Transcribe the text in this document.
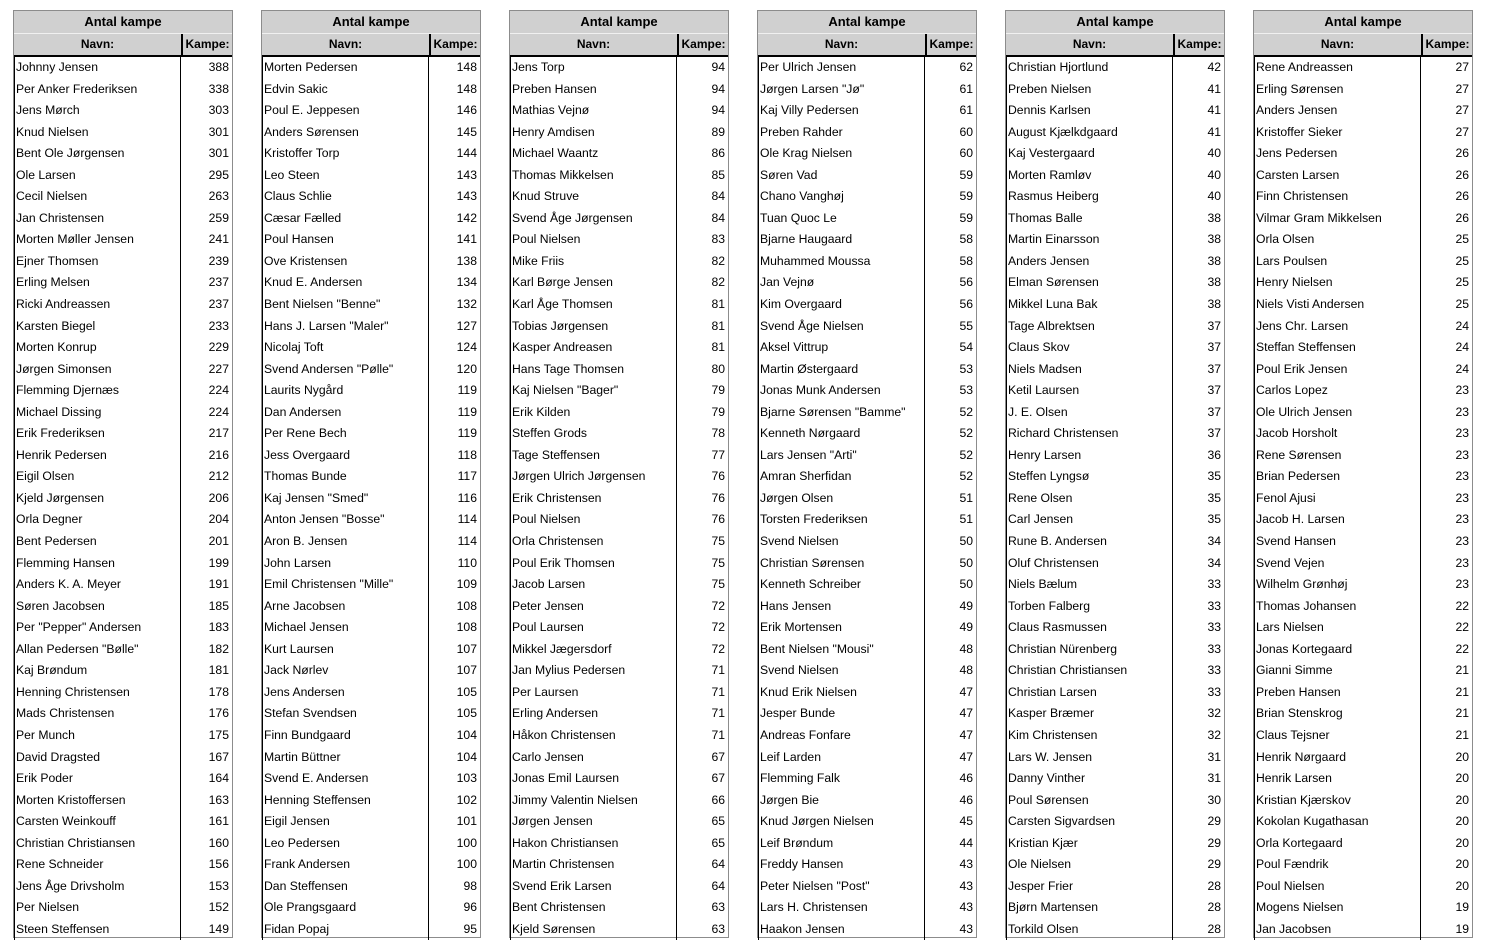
Antal kampe
Navn:	Kampe:
Johnny Jensen	388
Per Anker Frederiksen	338
Jens Mørch	303
Knud Nielsen	301
Bent Ole Jørgensen	301
Ole Larsen	295
Cecil Nielsen	263
Jan Christensen	259
Morten Møller Jensen	241
Ejner Thomsen	239
Erling Melsen	237
Ricki Andreassen	237
Karsten Biegel	233
Morten Konrup	229
Jørgen Simonsen	227
Flemming Djernæs	224
Michael Dissing	224
Erik Frederiksen	217
Henrik Pedersen	216
Eigil Olsen	212
Kjeld Jørgensen	206
Orla Degner	204
Bent Pedersen	201
Flemming Hansen	199
Anders K. A. Meyer	191
Søren Jacobsen	185
Per "Pepper" Andersen	183
Allan Pedersen "Bølle"	182
Kaj Brøndum	181
Henning Christensen	178
Mads Christensen	176
Per Munch	175
David Dragsted	167
Erik Poder	164
Morten Kristoffersen	163
Carsten Weinkouff	161
Christian Christiansen	160
Rene Schneider	156
Jens Åge Drivsholm	153
Per Nielsen	152
Steen Steffensen	149
Antal kampe
Navn:	Kampe:
Morten Pedersen	148
Edvin Sakic	148
Poul E. Jeppesen	146
Anders Sørensen	145
Kristoffer Torp	144
Leo Steen	143
Claus Schlie	143
Cæsar Fælled	142
Poul Hansen	141
Ove Kristensen	138
Knud E. Andersen	134
Bent Nielsen "Benne"	132
Hans J. Larsen "Maler"	127
Nicolaj Toft	124
Svend Andersen "Pølle"	120
Laurits Nygård	119
Dan Andersen	119
Per Rene Bech	119
Jess Overgaard	118
Thomas Bunde	117
Kaj Jensen "Smed"	116
Anton Jensen "Bosse"	114
Aron B. Jensen	114
John Larsen	110
Emil Christensen "Mille"	109
Arne Jacobsen	108
Michael Jensen	108
Kurt Laursen	107
Jack Nørlev	107
Jens Andersen	105
Stefan Svendsen	105
Finn Bundgaard	104
Martin Büttner	104
Svend E. Andersen	103
Henning Steffensen	102
Eigil Jensen	101
Leo Pedersen	100
Frank Andersen	100
Dan Steffensen	98
Ole Prangsgaard	96
Fidan Popaj	95
Antal kampe
Navn:	Kampe:
Jens Torp	94
Preben Hansen	94
Mathias Vejnø	94
Henry Amdisen	89
Michael Waantz	86
Thomas Mikkelsen	85
Knud Struve	84
Svend Åge Jørgensen	84
Poul Nielsen	83
Mike Friis	82
Karl Børge Jensen	82
Karl Åge Thomsen	81
Tobias Jørgensen	81
Kasper Andreasen	81
Hans Tage Thomsen	80
Kaj Nielsen "Bager"	79
Erik Kilden	79
Steffen Grods	78
Tage Steffensen	77
Jørgen Ulrich Jørgensen	76
Erik Christensen	76
Poul Nielsen	76
Orla Christensen	75
Poul Erik Thomsen	75
Jacob Larsen	75
Peter Jensen	72
Poul Laursen	72
Mikkel Jægersdorf	72
Jan Mylius Pedersen	71
Per Laursen	71
Erling Andersen	71
Håkon Christensen	71
Carlo Jensen	67
Jonas Emil Laursen	67
Jimmy Valentin Nielsen	66
Jørgen Jensen	65
Hakon Christiansen	65
Martin Christensen	64
Svend Erik Larsen	64
Bent Christensen	63
Kjeld Sørensen	63
Antal kampe
Navn:	Kampe:
Per Ulrich Jensen	62
Jørgen Larsen "Jø"	61
Kaj Villy Pedersen	61
Preben Rahder	60
Ole Krag Nielsen	60
Søren Vad	59
Chano Vanghøj	59
Tuan Quoc Le	59
Bjarne Haugaard	58
Muhammed Moussa	58
Jan Vejnø	56
Kim Overgaard	56
Svend Åge Nielsen	55
Aksel Vittrup	54
Martin Østergaard	53
Jonas Munk Andersen	53
Bjarne Sørensen "Bamme"	52
Kenneth Nørgaard	52
Lars Jensen "Arti"	52
Amran Sherfidan	52
Jørgen Olsen	51
Torsten Frederiksen	51
Svend Nielsen	50
Christian Sørensen	50
Kenneth Schreiber	50
Hans Jensen	49
Erik Mortensen	49
Bent Nielsen "Mousi"	48
Svend Nielsen	48
Knud Erik Nielsen	47
Jesper Bunde	47
Andreas Fonfare	47
Leif Larden	47
Flemming Falk	46
Jørgen Bie	46
Knud Jørgen Nielsen	45
Leif Brøndum	44
Freddy Hansen	43
Peter Nielsen "Post"	43
Lars H. Christensen	43
Haakon Jensen	43
Antal kampe
Navn:	Kampe:
Christian Hjortlund	42
Preben Nielsen	41
Dennis Karlsen	41
August Kjælkdgaard	41
Kaj Vestergaard	40
Morten Ramløv	40
Rasmus Heiberg	40
Thomas Balle	38
Martin Einarsson	38
Anders Jensen	38
Elman Sørensen	38
Mikkel Luna Bak	38
Tage Albrektsen	37
Claus Skov	37
Niels Madsen	37
Ketil Laursen	37
J. E. Olsen	37
Richard Christensen	37
Henry Larsen	36
Steffen Lyngsø	35
Rene Olsen	35
Carl Jensen	35
Rune B. Andersen	34
Oluf Christensen	34
Niels Bælum	33
Torben Falberg	33
Claus Rasmussen	33
Christian Nürenberg	33
Christian Christiansen	33
Christian Larsen	33
Kasper Bræmer	32
Kim Christensen	32
Lars W. Jensen	31
Danny Vinther	31
Poul Sørensen	30
Carsten Sigvardsen	29
Kristian Kjær	29
Ole Nielsen	29
Jesper Frier	28
Bjørn Martensen	28
Torkild Olsen	28
Antal kampe
Navn:	Kampe:
Rene Andreassen	27
Erling Sørensen	27
Anders Jensen	27
Kristoffer Sieker	27
Jens Pedersen	26
Carsten Larsen	26
Finn Christensen	26
Vilmar Gram Mikkelsen	26
Orla Olsen	25
Lars Poulsen	25
Henry Nielsen	25
Niels Visti Andersen	25
Jens Chr. Larsen	24
Steffan Steffensen	24
Poul Erik Jensen	24
Carlos Lopez	23
Ole Ulrich Jensen	23
Jacob Horsholt	23
Rene Sørensen	23
Brian Pedersen	23
Fenol Ajusi	23
Jacob H. Larsen	23
Svend Hansen	23
Svend Vejen	23
Wilhelm Grønhøj	23
Thomas Johansen	22
Lars Nielsen	22
Jonas Kortegaard	22
Gianni Simme	21
Preben Hansen	21
Brian Stenskrog	21
Claus Tejsner	21
Henrik Nørgaard	20
Henrik Larsen	20
Kristian Kjærskov	20
Kokolan Kugathasan	20
Orla Kortegaard	20
Poul Fændrik	20
Poul Nielsen	20
Mogens Nielsen	19
Jan Jacobsen	19
